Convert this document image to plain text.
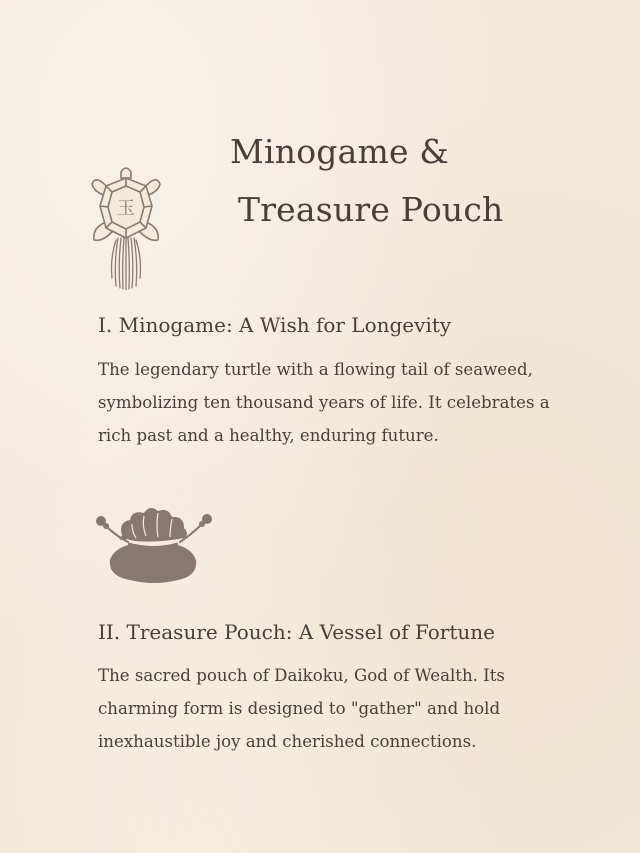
玉
Minogame &
Treasure Pouch
I. Minogame: A Wish for Longevity

The legendary turtle with a flowing tail of seaweed,

symbolizing ten thousand years of life. It celebrates a

rich past and a healthy, enduring future.

II. Treasure Pouch: A Vessel of Fortune

The sacred pouch of Daikoku, God of Wealth. Its

charming form is designed to "gather" and hold

inexhaustible joy and cherished connections.
